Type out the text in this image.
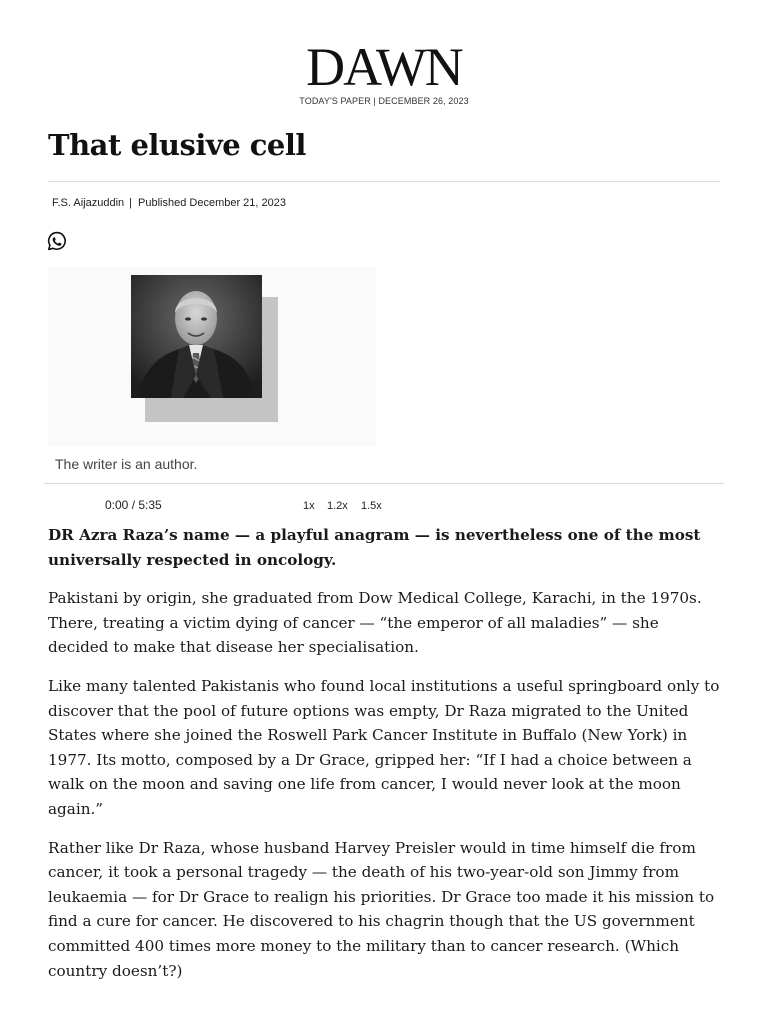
DAWN
TODAY'S PAPER | DECEMBER 26, 2023
That elusive cell
F.S. Aijazuddin | Published December 21, 2023
The writer is an author.
0:00 / 5:35	1x 1.2x 1.5x

DR Azra Raza’s name — a playful anagram — is nevertheless one of the most universally respected in oncology.

Pakistani by origin, she graduated from Dow Medical College, Karachi, in the 1970s. There, treating a victim dying of cancer — “the emperor of all maladies” — she decided to make that disease her specialisation.

Like many talented Pakistanis who found local institutions a useful springboard only to discover that the pool of future options was empty, Dr Raza migrated to the United States where she joined the Roswell Park Cancer Institute in Buffalo (New York) in 1977. Its motto, composed by a Dr Grace, gripped her: “If I had a choice between a walk on the moon and saving one life from cancer, I would never look at the moon again.”

Rather like Dr Raza, whose husband Harvey Preisler would in time himself die from cancer, it took a personal tragedy — the death of his two-year-old son Jimmy from leukaemia — for Dr Grace to realign his priorities. Dr Grace too made it his mission to find a cure for cancer. He discovered to his chagrin though that the US government committed 400 times more money to the military than to cancer research. (Which country doesn’t?)
